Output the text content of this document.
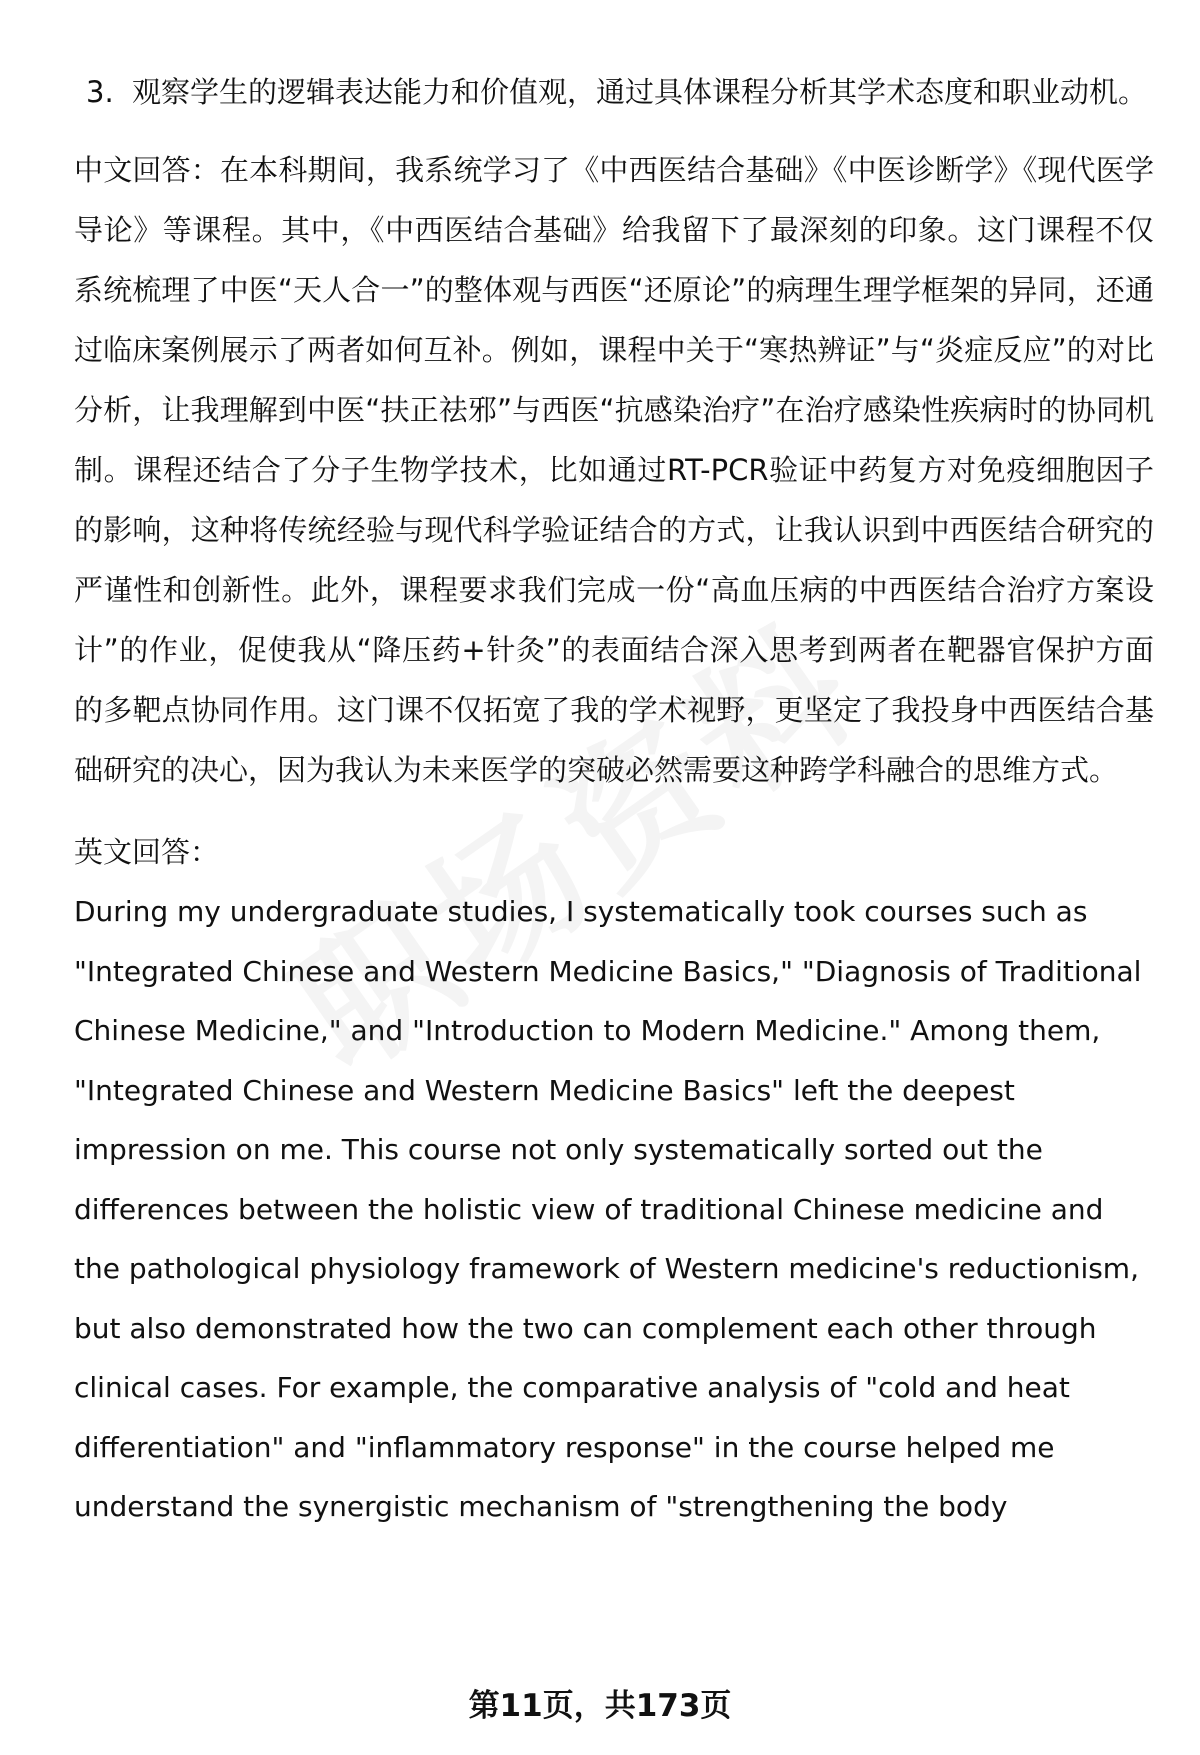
3. 观察学生的逻辑表达能力和价值观，通过具体课程分析其学术态度和职业动机。
中文回答：在本科期间，我系统学习了《中西医结合基础》《中医诊断学》《现代医学导论》等课程。其中，《中西医结合基础》给我留下了最深刻的印象。这门课程不仅系统梳理了中医“天人合一”的整体观与西医“还原论”的病理生理学框架的异同，还通过临床案例展示了两者如何互补。例如，课程中关于“寒热辨证”与“炎症反应”的对比分析，让我理解到中医“扶正祛邪”与西医“抗感染治疗”在治疗感染性疾病时的协同机制。课程还结合了分子生物学技术，比如通过RT-PCR验证中药复方对免疫细胞因子的影响，这种将传统经验与现代科学验证结合的方式，让我认识到中西医结合研究的严谨性和创新性。此外，课程要求我们完成一份“高血压病的中西医结合治疗方案设计”的作业，促使我从“降压药+针灸”的表面结合深入思考到两者在靶器官保护方面的多靶点协同作用。这门课不仅拓宽了我的学术视野，更坚定了我投身中西医结合基础研究的决心，因为我认为未来医学的突破必然需要这种跨学科融合的思维方式。
英文回答：
During my undergraduate studies, I systematically took courses such as "Integrated Chinese and Western Medicine Basics," "Diagnosis of Traditional Chinese Medicine," and "Introduction to Modern Medicine." Among them, "Integrated Chinese and Western Medicine Basics" left the deepest impression on me. This course not only systematically sorted out the differences between the holistic view of traditional Chinese medicine and the pathological physiology framework of Western medicine's reductionism, but also demonstrated how the two can complement each other through clinical cases. For example, the comparative analysis of "cold and heat differentiation" and "inflammatory response" in the course helped me understand the synergistic mechanism of "strengthening the body
第11页，共173页
